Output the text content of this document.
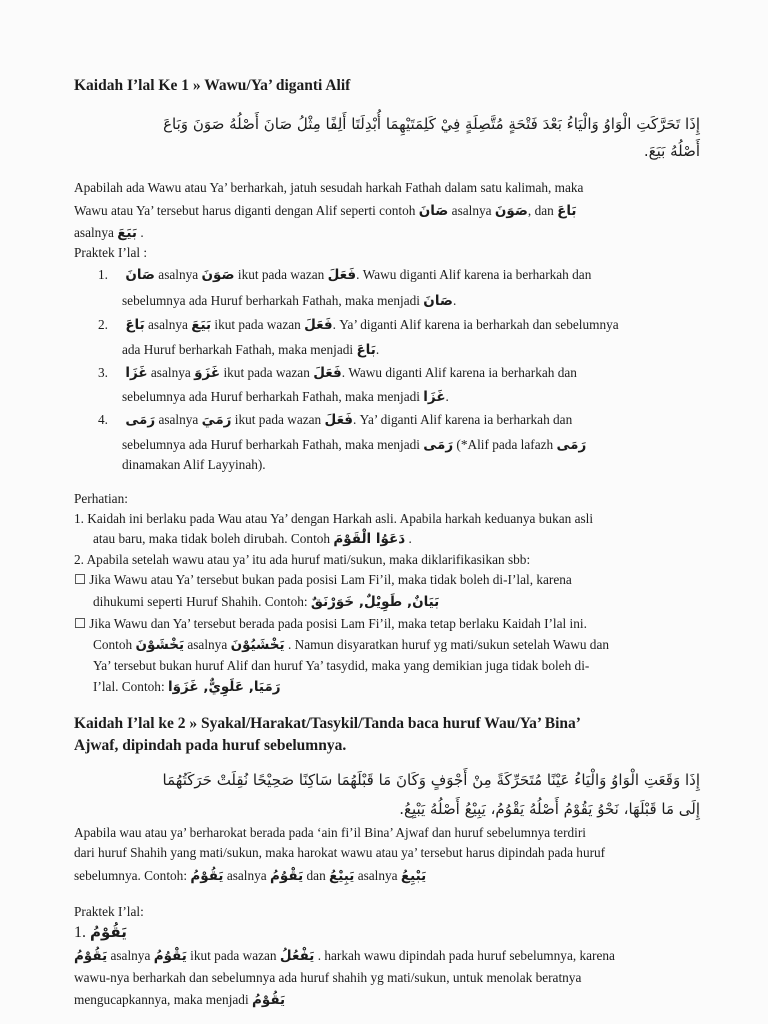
Kaidah I’lal Ke 1 » Wawu/Ya’ diganti Alif
إِذَا تَحَرَّكَتِ الْوَاوُ وَالْيَاءُ بَعْدَ فَتْحَةٍ مُتَّصِلَةٍ فِيْ كَلِمَتَيْهِمَا أُبْدِلَتَا أَلِفًا مِثْلُ صَانَ أَصْلُهُ صَوَنَ وَبَاعَ
أَصْلُهُ بَيَعَ.
Apabilah ada Wawu atau Ya’ berharkah, jatuh sesudah harkah Fathah dalam satu kalimah, maka
Wawu atau Ya’ tersebut harus diganti dengan Alif seperti contoh صَانَ asalnya صَوَنَ, dan بَاعَ
asalnya بَيَعَ .
Praktek I’lal :
1. صَانَ asalnya صَوَنَ ikut pada wazan فَعَلَ. Wawu diganti Alif karena ia berharkah dan
sebelumnya ada Huruf berharkah Fathah, maka menjadi صَانَ.
2. بَاعَ asalnya بَيَعَ ikut pada wazan فَعَلَ. Ya’ diganti Alif karena ia berharkah dan sebelumnya
ada Huruf berharkah Fathah, maka menjadi بَاعَ.
3. غَزَا asalnya غَزَوَ ikut pada wazan فَعَلَ. Wawu diganti Alif karena ia berharkah dan
sebelumnya ada Huruf berharkah Fathah, maka menjadi غَزَا.
4. رَمَى asalnya رَمَيَ ikut pada wazan فَعَلَ. Ya’ diganti Alif karena ia berharkah dan
sebelumnya ada Huruf berharkah Fathah, maka menjadi رَمَى (*Alif pada lafazh رَمَى
dinamakan Alif Layyinah).
Perhatian:
1. Kaidah ini berlaku pada Wau atau Ya’ dengan Harkah asli. Apabila harkah keduanya bukan asli
atau baru, maka tidak boleh dirubah. Contoh دَعَوُا الْقَوْمَ .
2. Apabila setelah wawu atau ya’ itu ada huruf mati/sukun, maka diklarifikasikan sbb:
☐ Jika Wawu atau Ya’ tersebut bukan pada posisi Lam Fi’il, maka tidak boleh di-I’lal, karena
dihukumi seperti Huruf Shahih. Contoh: بَيَانٌ, طَوِيْلٌ, خَوَرْنَقٌ
☐ Jika Wawu dan Ya’ tersebut berada pada posisi Lam Fi’il, maka tetap berlaku Kaidah I’lal ini.
Contoh يَخْشَوْنَ asalnya يَخْشَيُوْنَ . Namun disyaratkan huruf yg mati/sukun setelah Wawu dan
Ya’ tersebut bukan huruf Alif dan huruf Ya’ tasydid, maka yang demikian juga tidak boleh di-
I’lal. Contoh: رَمَيَا, عَلَوِيٌّ, غَزَوَا
Kaidah I’lal ke 2 » Syakal/Harakat/Tasykil/Tanda baca huruf Wau/Ya’ Bina’
Ajwaf, dipindah pada huruf sebelumnya.
إِذَا وَقَعَتِ الْوَاوُ وَالْيَاءُ عَيْنًا مُتَحَرِّكَةً مِنْ أَجْوَفٍ وَكَانَ مَا قَبْلَهُمَا سَاكِنًا صَحِيْحًا نُقِلَتْ حَرَكَتُهُمَا
إِلَى مَا قَبْلَهَا، نَحْوُ يَقُوْمُ أَصْلُهُ يَقْوُمُ، يَبِيْعُ أَصْلُهُ يَبْيِعُ.
Apabila wau atau ya’ berharokat berada pada ‘ain fi’il Bina’ Ajwaf dan huruf sebelumnya terdiri
dari huruf Shahih yang mati/sukun, maka harokat wawu atau ya’ tersebut harus dipindah pada huruf
sebelumnya. Contoh: يَقُوْمُ asalnya يَقْوُمُ dan يَبِيْعُ asalnya يَبْيِعُ
Praktek I’lal:
1. يَقُوْمُ
يَقُوْمُ asalnya يَقْوُمُ ikut pada wazan يَفْعُلُ . harkah wawu dipindah pada huruf sebelumnya, karena
wawu-nya berharkah dan sebelumnya ada huruf shahih yg mati/sukun, untuk menolak beratnya
mengucapkannya, maka menjadi يَقُوْمُ
